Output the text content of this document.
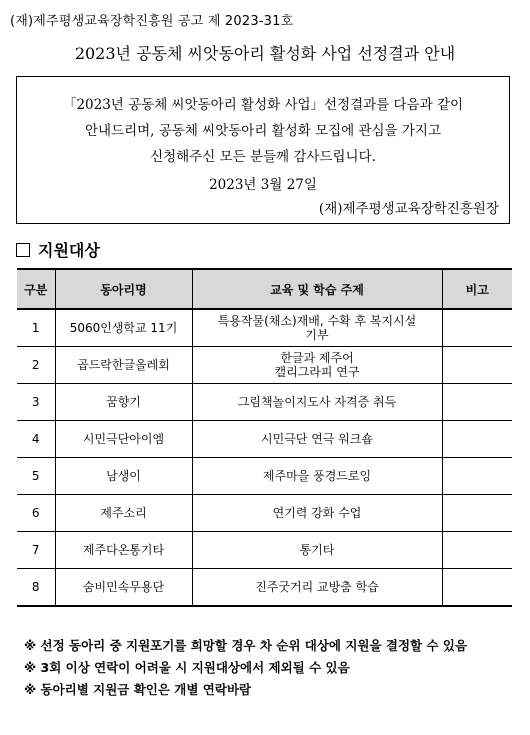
(재)제주평생교육장학진흥원 공고 제 2023-31호
2023년 공동체 씨앗동아리 활성화 사업 선정결과 안내
「2023년 공동체 씨앗동아리 활성화 사업」선정결과를 다음과 같이
안내드리며, 공동체 씨앗동아리 활성화 모집에 관심을 가지고
신청해주신 모든 분들께 감사드립니다.
2023년 3월 27일
(재)제주평생교육장학진흥원장
지원대상
구분	동아리명	교육 및 학습 주제	비고
1	5060인생학교 11기	특용작물(채소)재배, 수확 후 복지시설
기부	

2	곱드락한글올레회	한글과 제주어
캘리그라피 연구	

3	꿈향기	그림책놀이지도사 자격증 취득	

4	시민극단아이엠	시민극단 연극 워크숍	

5	남생이	제주마을 풍경드로잉	

6	제주소리	연기력 강화 수업	

7	제주다온통기타	통기타	

8	숨비민속무용단	진주굿거리 교방춤 학습	

※ 선정 동아리 중 지원포기를 희망할 경우 차 순위 대상에 지원을 결정할 수 있음
※ 3회 이상 연락이 어려울 시 지원대상에서 제외될 수 있음
※ 동아리별 지원금 확인은 개별 연락바람
